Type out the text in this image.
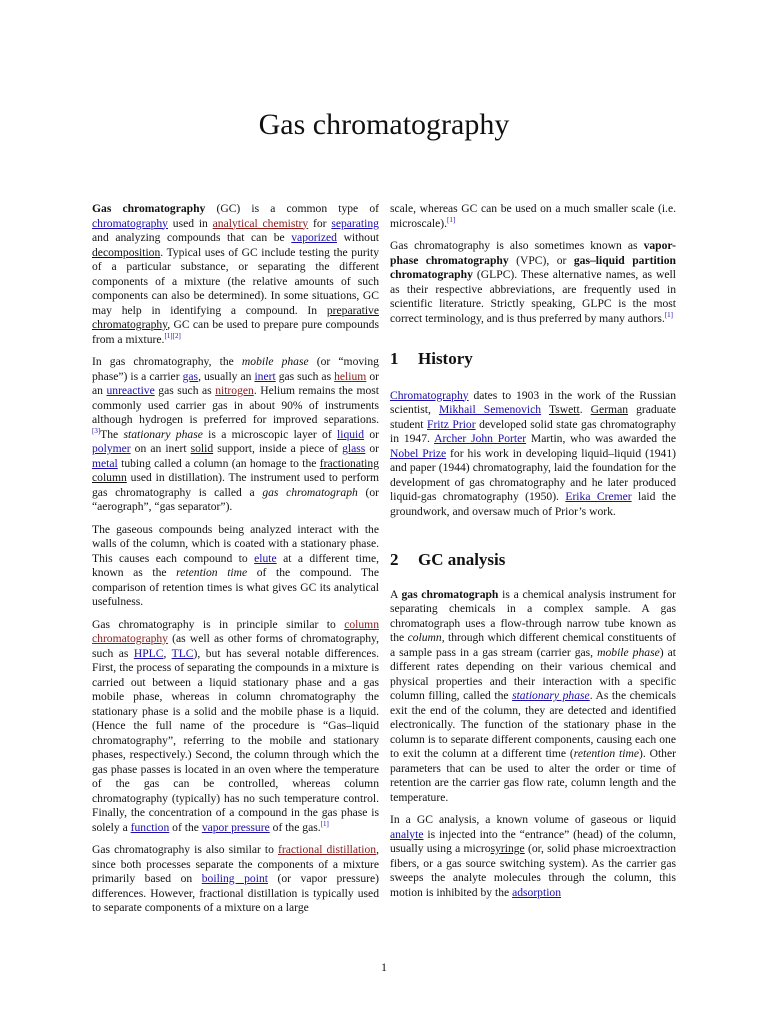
Gas chromatography

Gas chromatography (GC) is a common type of chromatography used in analytical chemistry for separating and analyzing compounds that can be vaporized without decomposition. Typical uses of GC include testing the purity of a particular substance, or separating the different components of a mixture (the relative amounts of such components can also be determined). In some situations, GC may help in identifying a compound. In preparative chromatography, GC can be used to prepare pure compounds from a mixture.[1][2]

In gas chromatography, the mobile phase (or “moving phase”) is a carrier gas, usually an inert gas such as helium or an unreactive gas such as nitrogen. Helium remains the most commonly used carrier gas in about 90% of instruments although hydrogen is preferred for improved separations.[3]The stationary phase is a microscopic layer of liquid or polymer on an inert solid support, inside a piece of glass or metal tubing called a column (an homage to the fractionating column used in distillation). The instrument used to perform gas chromatography is called a gas chromatograph (or “aerograph”, “gas separator”).

The gaseous compounds being analyzed interact with the walls of the column, which is coated with a stationary phase. This causes each compound to elute at a different time, known as the retention time of the compound. The comparison of retention times is what gives GC its analytical usefulness.

Gas chromatography is in principle similar to column chromatography (as well as other forms of chromatography, such as HPLC, TLC), but has several notable differences. First, the process of separating the compounds in a mixture is carried out between a liquid stationary phase and a gas mobile phase, whereas in column chromatography the stationary phase is a solid and the mobile phase is a liquid. (Hence the full name of the procedure is “Gas–liquid chromatography”, referring to the mobile and stationary phases, respectively.) Second, the column through which the gas phase passes is located in an oven where the temperature of the gas can be controlled, whereas column chromatography (typically) has no such temperature control. Finally, the concentration of a compound in the gas phase is solely a function of the vapor pressure of the gas.[1]

Gas chromatography is also similar to fractional distillation, since both processes separate the components of a mixture primarily based on boiling point (or vapor pressure) differences. However, fractional distillation is typically used to separate components of a mixture on a large

scale, whereas GC can be used on a much smaller scale (i.e. microscale).[1]

Gas chromatography is also sometimes known as vapor-phase chromatography (VPC), or gas–liquid partition chromatography (GLPC). These alternative names, as well as their respective abbreviations, are frequently used in scientific literature. Strictly speaking, GLPC is the most correct terminology, and is thus preferred by many authors.[1]

1 History

Chromatography dates to 1903 in the work of the Russian scientist, Mikhail Semenovich Tswett. German graduate student Fritz Prior developed solid state gas chromatography in 1947. Archer John Porter Martin, who was awarded the Nobel Prize for his work in developing liquid–liquid (1941) and paper (1944) chromatography, laid the foundation for the development of gas chromatography and he later produced liquid-gas chromatography (1950). Erika Cremer laid the groundwork, and oversaw much of Prior’s work.

2 GC analysis

A gas chromatograph is a chemical analysis instrument for separating chemicals in a complex sample. A gas chromatograph uses a flow-through narrow tube known as the column, through which different chemical constituents of a sample pass in a gas stream (carrier gas, mobile phase) at different rates depending on their various chemical and physical properties and their interaction with a specific column filling, called the stationary phase. As the chemicals exit the end of the column, they are detected and identified electronically. The function of the stationary phase in the column is to separate different components, causing each one to exit the column at a different time (retention time). Other parameters that can be used to alter the order or time of retention are the carrier gas flow rate, column length and the temperature.

In a GC analysis, a known volume of gaseous or liquid analyte is injected into the “entrance” (head) of the column, usually using a microsyringe (or, solid phase microextraction fibers, or a gas source switching system). As the carrier gas sweeps the analyte molecules through the column, this motion is inhibited by the adsorption

1
